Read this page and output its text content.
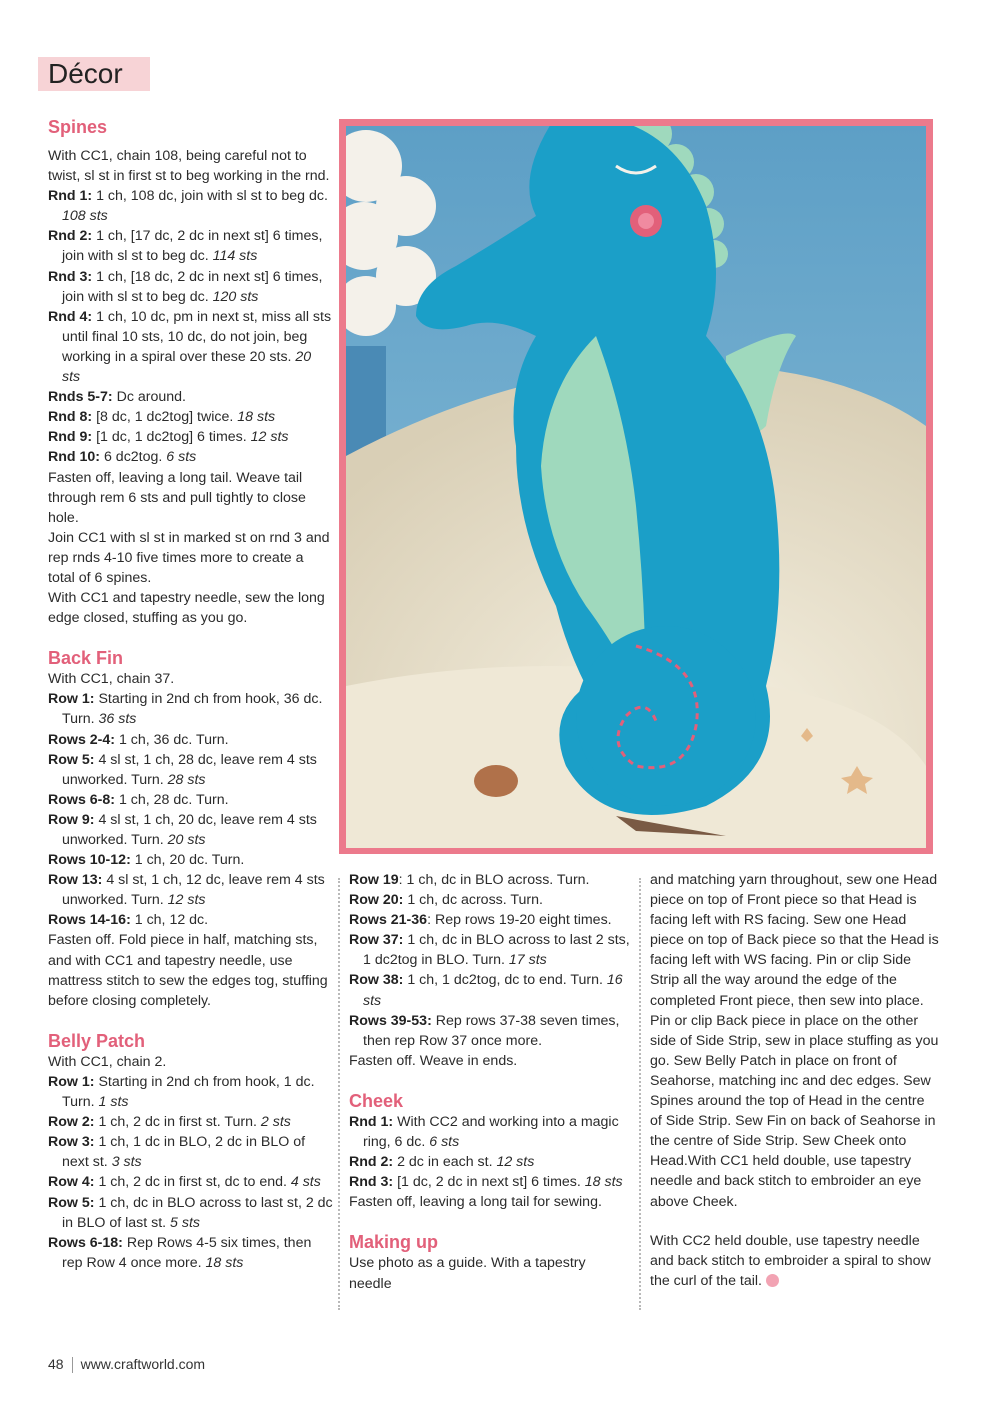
Décor
Spines

With CC1, chain 108, being careful not to twist, sl st in first st to beg working in the rnd.

Rnd 1: 1 ch, 108 dc, join with sl st to beg dc. 108 sts

Rnd 2: 1 ch, [17 dc, 2 dc in next st] 6 times, join with sl st to beg dc. 114 sts

Rnd 3: 1 ch, [18 dc, 2 dc in next st] 6 times, join with sl st to beg dc. 120 sts

Rnd 4: 1 ch, 10 dc, pm in next st, miss all sts until final 10 sts, 10 dc, do not join, beg working in a spiral over these 20 sts. 20 sts

Rnds 5-7: Dc around.

Rnd 8: [8 dc, 1 dc2tog] twice. 18 sts

Rnd 9: [1 dc, 1 dc2tog] 6 times. 12 sts

Rnd 10: 6 dc2tog. 6 sts

Fasten off, leaving a long tail. Weave tail through rem 6 sts and pull tightly to close hole.

Join CC1 with sl st in marked st on rnd 3 and rep rnds 4-10 five times more to create a total of 6 spines.

With CC1 and tapestry needle, sew the long edge closed, stuffing as you go.

Back Fin

With CC1, chain 37.

Row 1: Starting in 2nd ch from hook, 36 dc. Turn. 36 sts

Rows 2-4: 1 ch, 36 dc. Turn.

Row 5: 4 sl st, 1 ch, 28 dc, leave rem 4 sts unworked. Turn. 28 sts

Rows 6-8: 1 ch, 28 dc. Turn.

Row 9: 4 sl st, 1 ch, 20 dc, leave rem 4 sts unworked. Turn. 20 sts

Rows 10-12: 1 ch, 20 dc. Turn.

Row 13: 4 sl st, 1 ch, 12 dc, leave rem 4 sts unworked. Turn. 12 sts

Rows 14-16: 1 ch, 12 dc.

Fasten off. Fold piece in half, matching sts, and with CC1 and tapestry needle, use mattress stitch to sew the edges tog, stuffing before closing completely.

Belly Patch

With CC1, chain 2.

Row 1: Starting in 2nd ch from hook, 1 dc. Turn. 1 sts

Row 2: 1 ch, 2 dc in first st. Turn. 2 sts

Row 3: 1 ch, 1 dc in BLO, 2 dc in BLO of next st. 3 sts

Row 4: 1 ch, 2 dc in first st, dc to end. 4 sts

Row 5: 1 ch, dc in BLO across to last st, 2 dc in BLO of last st. 5 sts

Rows 6-18: Rep Rows 4-5 six times, then rep Row 4 once more. 18 sts

Row 19: 1 ch, dc in BLO across. Turn.

Row 20: 1 ch, dc across. Turn.

Rows 21-36: Rep rows 19-20 eight times.

Row 37: 1 ch, dc in BLO across to last 2 sts, 1 dc2tog in BLO. Turn. 17 sts

Row 38: 1 ch, 1 dc2tog, dc to end. Turn. 16 sts

Rows 39-53: Rep rows 37-38 seven times, then rep Row 37 once more.

Fasten off. Weave in ends.

Cheek

Rnd 1: With CC2 and working into a magic ring, 6 dc. 6 sts

Rnd 2: 2 dc in each st. 12 sts

Rnd 3: [1 dc, 2 dc in next st] 6 times. 18 sts

Fasten off, leaving a long tail for sewing.

Making up

Use photo as a guide. With a tapestry needle

and matching yarn throughout, sew one Head piece on top of Front piece so that Head is facing left with RS facing. Sew one Head piece on top of Back piece so that the Head is facing left with WS facing. Pin or clip Side Strip all the way around the edge of the completed Front piece, then sew into place. Pin or clip Back piece in place on the other side of Side Strip, sew in place stuffing as you go. Sew Belly Patch in place on front of Seahorse, matching inc and dec edges. Sew Spines around the top of Head in the centre of Side Strip. Sew Fin on back of Seahorse in the centre of Side Strip. Sew Cheek onto Head.With CC1 held double, use tapestry needle and back stitch to embroider an eye above Cheek.

With CC2 held double, use tapestry needle and back stitch to embroider a spiral to show the curl of the tail.

48 www.craftworld.com
